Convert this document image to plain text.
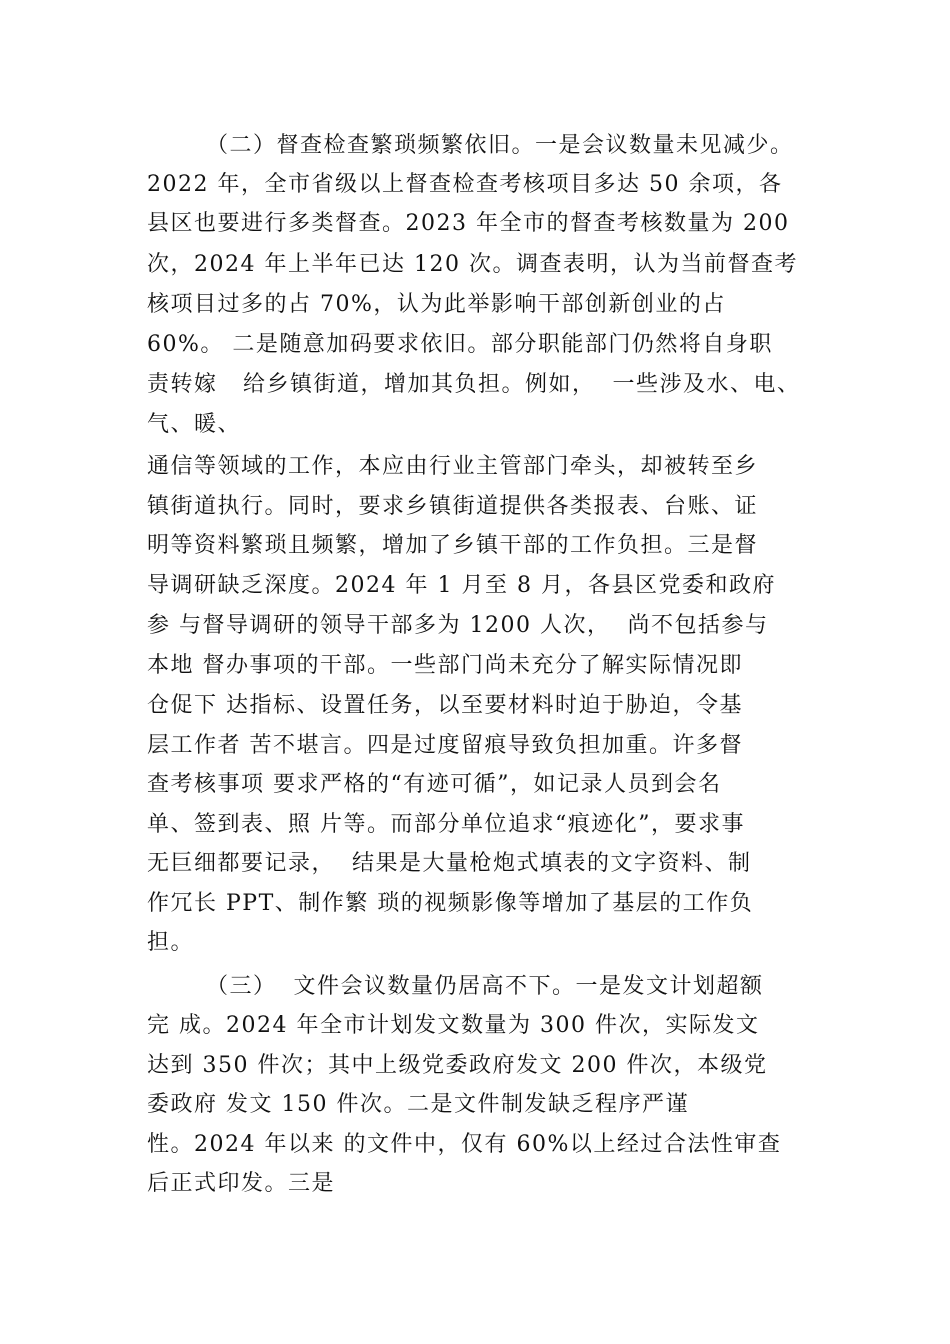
（二）督查检查繁琐频繁依旧。一是会议数量未见减少。
2022 年，全市省级以上督查检查考核项目多达 50 余项，各
县区也要进行多类督查。2023 年全市的督查考核数量为 200
次，2024 年上半年已达 120 次。调查表明，认为当前督查考
核项目过多的占 70%，认为此举影响干部创新创业的占
60%。 二是随意加码要求依旧。部分职能部门仍然将自身职
责转嫁   给乡镇街道，增加其负担。例如，  一些涉及水、电、
气、暖、
通信等领域的工作，本应由行业主管部门牵头，却被转至乡
镇街道执行。同时，要求乡镇街道提供各类报表、台账、证
明等资料繁琐且频繁，增加了乡镇干部的工作负担。三是督
导调研缺乏深度。2024 年 1 月至 8 月，各县区党委和政府
参 与督导调研的领导干部多为 1200 人次，  尚不包括参与
本地 督办事项的干部。一些部门尚未充分了解实际情况即
仓促下 达指标、设置任务，以至要材料时迫于胁迫，令基
层工作者 苦不堪言。四是过度留痕导致负担加重。许多督
查考核事项 要求严格的“有迹可循”，如记录人员到会名
单、签到表、照 片等。而部分单位追求“痕迹化”，要求事
无巨细都要记录，  结果是大量枪炮式填表的文字资料、制
作冗长 PPT、制作繁 琐的视频影像等增加了基层的工作负
担。
（三）  文件会议数量仍居高不下。一是发文计划超额
完 成。2024 年全市计划发文数量为 300 件次，实际发文
达到 350 件次；其中上级党委政府发文 200 件次，本级党
委政府 发文 150 件次。二是文件制发缺乏程序严谨
性。2024 年以来 的文件中，仅有 60%以上经过合法性审查
后正式印发。三是
